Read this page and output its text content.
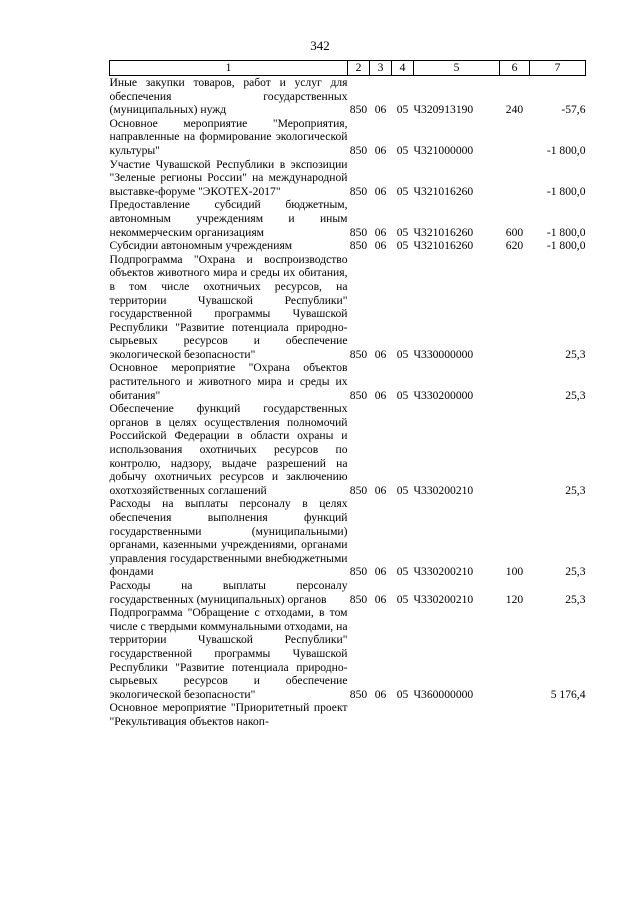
342
1	2	3	4	5	6	7
Иные закупки товаров, работ и услуг для обеспечения государственных (муниципальных) нужд	850	06	05	Ч320913190	240	-57,6
Основное мероприятие "Мероприятия, направленные на формирование экологической культуры"	850	06	05	Ч321000000		-1 800,0
Участие Чувашской Республики в экспозиции "Зеленые регионы России" на международной выставке-форуме "ЭКОТЕХ-2017"	850	06	05	Ч321016260		-1 800,0
Предоставление субсидий бюджетным, автономным учреждениям и иным некоммерческим организациям	850	06	05	Ч321016260	600	-1 800,0
Субсидии автономным учреждениям	850	06	05	Ч321016260	620	-1 800,0
Подпрограмма "Охрана и воспроизводство объектов животного мира и среды их обитания, в том числе охотничьих ресурсов, на территории Чувашской Республики" государственной программы Чувашской Республики "Развитие потенциала природно-сырьевых ресурсов и обеспечение экологической безопасности"	850	06	05	Ч330000000		25,3
Основное мероприятие "Охрана объектов растительного и животного мира и среды их обитания"	850	06	05	Ч330200000		25,3
Обеспечение функций государственных органов в целях осуществления полномочий Российской Федерации в области охраны и использования охотничьих ресурсов по контролю, надзору, выдаче разрешений на добычу охотничьих ресурсов и заключению охотхозяйственных соглашений	850	06	05	Ч330200210		25,3
Расходы на выплаты персоналу в целях обеспечения выполнения функций государственными (муниципальными) органами, казенными учреждениями, органами управления государственными внебюджетными фондами	850	06	05	Ч330200210	100	25,3
Расходы на выплаты персоналу государственных (муниципальных) органов	850	06	05	Ч330200210	120	25,3
Подпрограмма "Обращение с отходами, в том числе с твердыми коммунальными отходами, на территории Чувашской Республики" государственной программы Чувашской Республики "Развитие потенциала природно-сырьевых ресурсов и обеспечение экологической безопасности"	850	06	05	Ч360000000		5 176,4
Основное мероприятие "Приоритетный проект "Рекультивация объектов накоп-						
